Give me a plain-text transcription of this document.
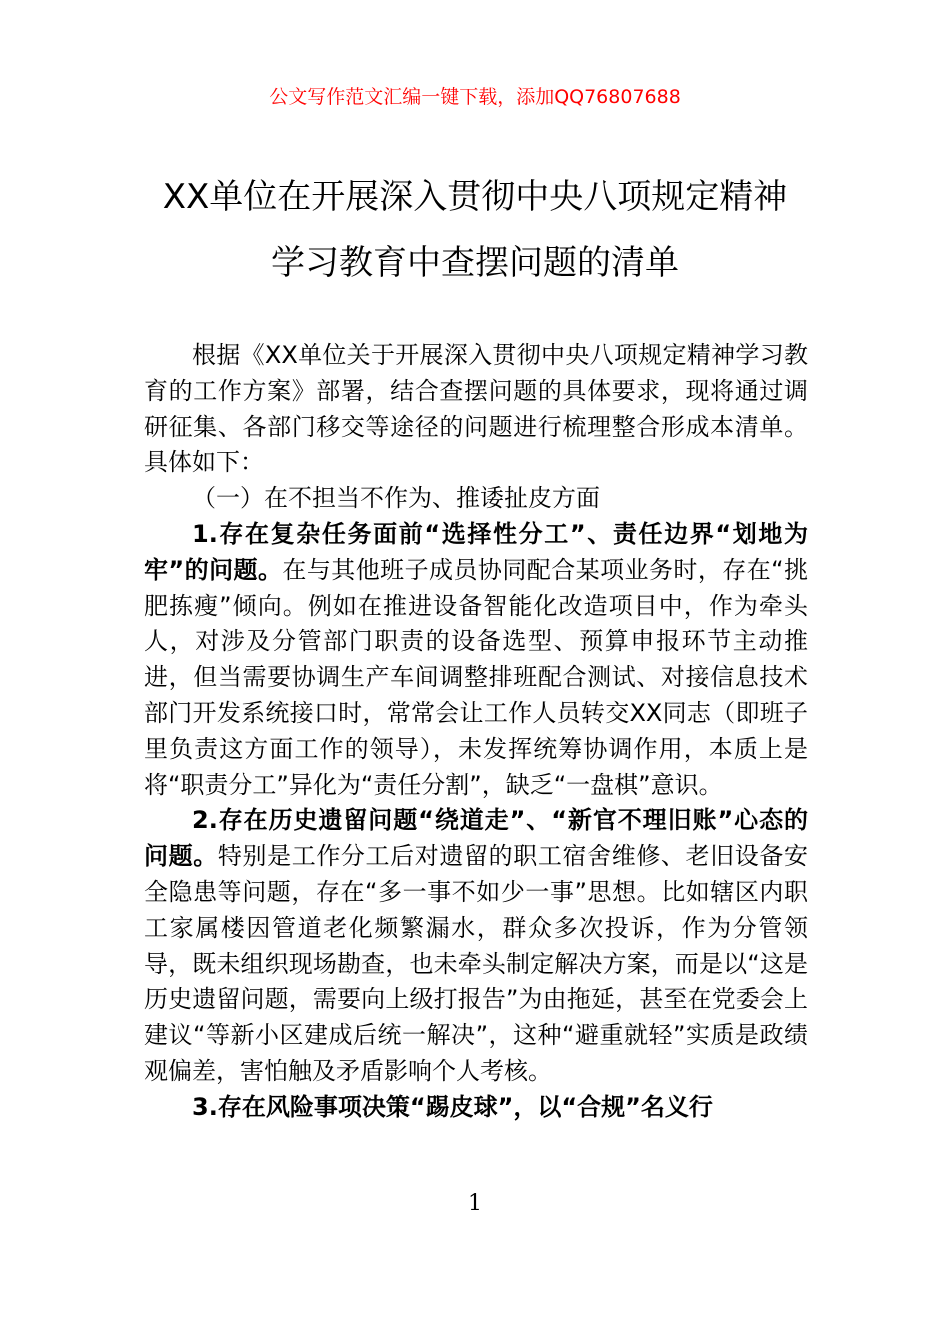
公文写作范文汇编一键下载，添加QQ76807688
XX单位在开展深入贯彻中央八项规定精神
学习教育中查摆问题的清单

根据《XX单位关于开展深入贯彻中央八项规定精神学习教育的工作方案》部署，结合查摆问题的具体要求，现将通过调研征集、各部门移交等途径的问题进行梳理整合形成本清单。具体如下：

（一）在不担当不作为、推诿扯皮方面

1.存在复杂任务面前“选择性分工”、责任边界“划地为牢”的问题。在与其他班子成员协同配合某项业务时，存在“挑肥拣瘦”倾向。例如在推进设备智能化改造项目中，作为牵头人，对涉及分管部门职责的设备选型、预算申报环节主动推进，但当需要协调生产车间调整排班配合测试、对接信息技术部门开发系统接口时，常常会让工作人员转交XX同志（即班子里负责这方面工作的领导），未发挥统筹协调作用，本质上是将“职责分工”异化为“责任分割”，缺乏“一盘棋”意识。

2.存在历史遗留问题“绕道走”、“新官不理旧账”心态的问题。特别是工作分工后对遗留的职工宿舍维修、老旧设备安全隐患等问题，存在“多一事不如少一事”思想。比如辖区内职工家属楼因管道老化频繁漏水，群众多次投诉，作为分管领导，既未组织现场勘查，也未牵头制定解决方案，而是以“这是历史遗留问题，需要向上级打报告”为由拖延，甚至在党委会上建议“等新小区建成后统一解决”，这种“避重就轻”实质是政绩观偏差，害怕触及矛盾影响个人考核。

3.存在风险事项决策“踢皮球”，以“合规”名义行

1
